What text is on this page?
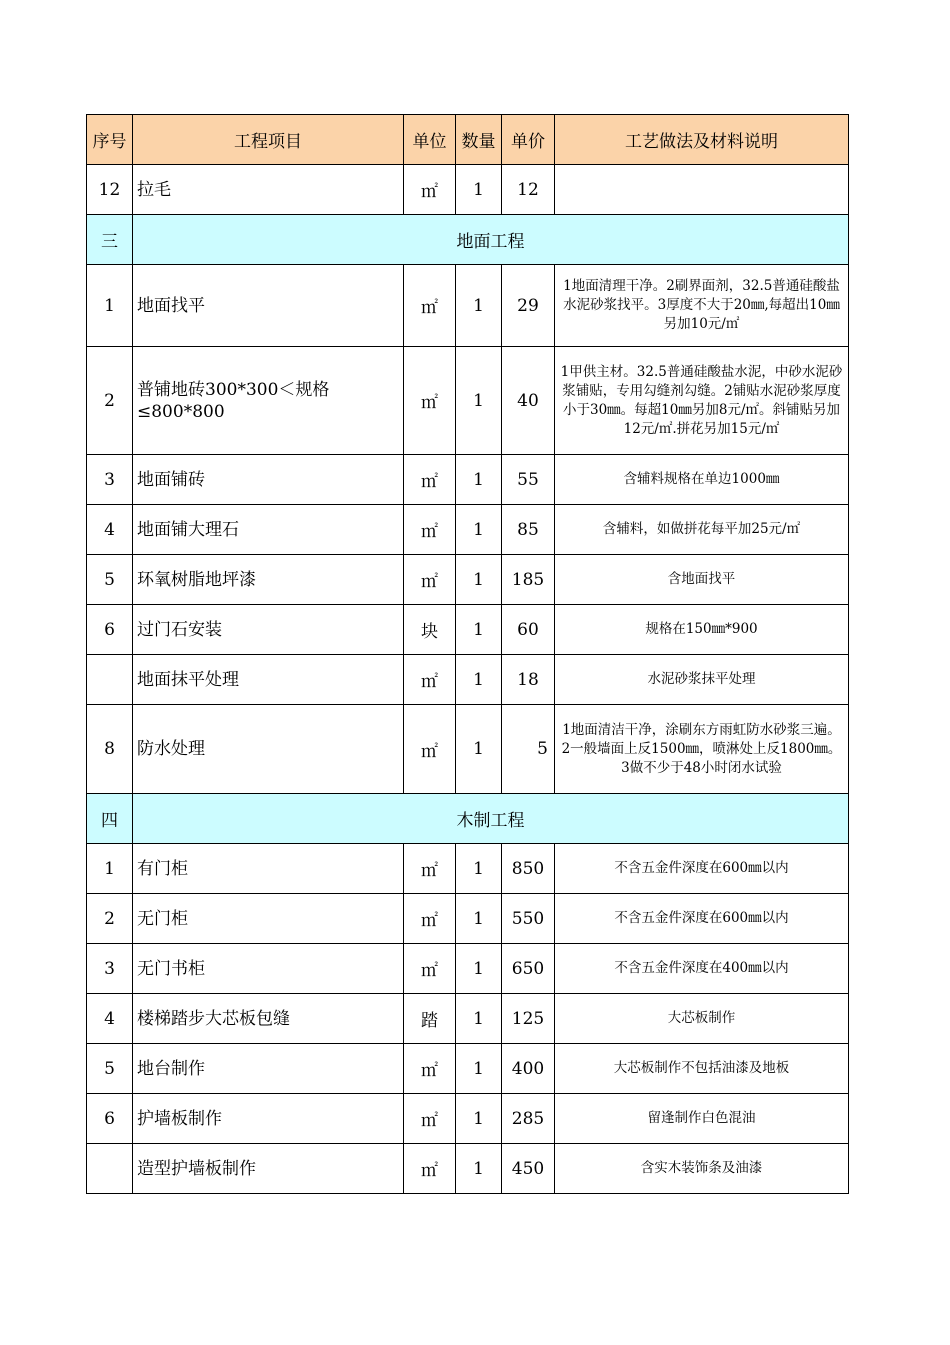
序号	工程项目	单位	数量	单价	工艺做法及材料说明
12	拉毛	㎡	1	12	
三	地面工程				
1	地面找平	㎡	1	29	1地面清理干净。2刷界面剂，32.5普通硅酸盐水泥砂浆找平。3厚度不大于20㎜,每超出10㎜另加10元/㎡
2	普铺地砖300*300＜规格≤800*800	㎡	1	40	1甲供主材。32.5普通硅酸盐水泥，中砂水泥砂浆铺贴，专用勾缝剂勾缝。2铺贴水泥砂浆厚度小于30㎜。每超10㎜另加8元/㎡。斜铺贴另加12元/㎡.拼花另加15元/㎡
3	地面铺砖	㎡	1	55	含辅料规格在单边1000㎜
4	地面铺大理石	㎡	1	85	含辅料，如做拼花每平加25元/㎡
5	环氧树脂地坪漆	㎡	1	185	含地面找平
6	过门石安装	块	1	60	规格在150㎜*900
	地面抹平处理	㎡	1	18	水泥砂浆抹平处理
8	防水处理	㎡	1	5	1地面清洁干净，涂刷东方雨虹防水砂浆三遍。2一般墙面上反1500㎜，喷淋处上反1800㎜。3做不少于48小时闭水试验
四	木制工程				
1	有门柜	㎡	1	850	不含五金件深度在600㎜以内
2	无门柜	㎡	1	550	不含五金件深度在600㎜以内
3	无门书柜	㎡	1	650	不含五金件深度在400㎜以内
4	楼梯踏步大芯板包缝	踏	1	125	大芯板制作
5	地台制作	㎡	1	400	大芯板制作不包括油漆及地板
6	护墙板制作	㎡	1	285	留逢制作白色混油
	造型护墙板制作	㎡	1	450	含实木装饰条及油漆
